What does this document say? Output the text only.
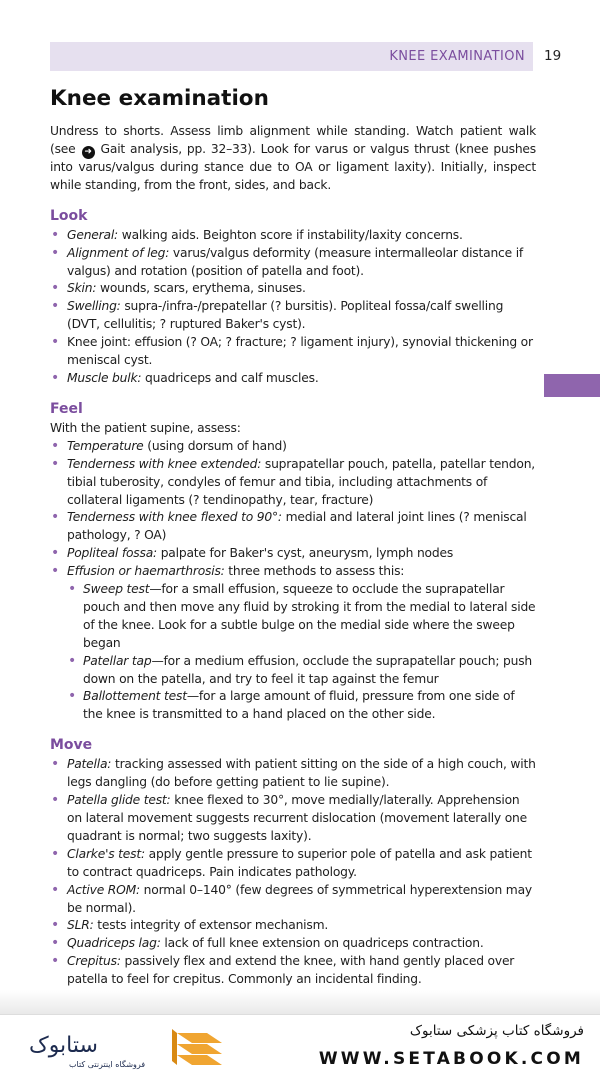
KNEE EXAMINATION 19
Knee examination

Undress to shorts. Assess limb alignment while standing. Watch patient walk (see ➜ Gait analysis, pp. 32–33). Look for varus or valgus thrust (knee pushes into varus/valgus during stance due to OA or ligament laxity). Initially, inspect while standing, from the front, sides, and back.

Look
• General: walking aids. Beighton score if instability/laxity concerns.
• Alignment of leg: varus/valgus deformity (measure intermalleolar distance if valgus) and rotation (position of patella and foot).
• Skin: wounds, scars, erythema, sinuses.
• Swelling: supra-/infra-/prepatellar (? bursitis). Popliteal fossa/calf swelling (DVT, cellulitis; ? ruptured Baker's cyst).
• Knee joint: effusion (? OA; ? fracture; ? ligament injury), synovial thickening or meniscal cyst.
• Muscle bulk: quadriceps and calf muscles.
Feel

With the patient supine, assess:

• Temperature (using dorsum of hand)
• Tenderness with knee extended: suprapatellar pouch, patella, patellar tendon, tibial tuberosity, condyles of femur and tibia, including attachments of collateral ligaments (? tendinopathy, tear, fracture)
• Tenderness with knee flexed to 90°: medial and lateral joint lines (? meniscal pathology, ? OA)
• Popliteal fossa: palpate for Baker's cyst, aneurysm, lymph nodes
• Effusion or haemarthrosis: three methods to assess this:
• Sweep test—for a small effusion, squeeze to occlude the suprapatellar pouch and then move any fluid by stroking it from the medial to lateral side of the knee. Look for a subtle bulge on the medial side where the sweep began
• Patellar tap—for a medium effusion, occlude the suprapatellar pouch; push down on the patella, and try to feel it tap against the femur
• Ballottement test—for a large amount of fluid, pressure from one side of the knee is transmitted to a hand placed on the other side.
Move
• Patella: tracking assessed with patient sitting on the side of a high couch, with legs dangling (do before getting patient to lie supine).
• Patella glide test: knee flexed to 30°, move medially/laterally. Apprehension on lateral movement suggests recurrent dislocation (movement laterally one quadrant is normal; two suggests laxity).
• Clarke's test: apply gentle pressure to superior pole of patella and ask patient to contract quadriceps. Pain indicates pathology.
• Active ROM: normal 0–140° (few degrees of symmetrical hyperextension may be normal).
• SLR: tests integrity of extensor mechanism.
• Quadriceps lag: lack of full knee extension on quadriceps contraction.
• Crepitus: passively flex and extend the knee, with hand gently placed over patella to feel for crepitus. Commonly an incidental finding.
ستابوک
فروشگاه اینترنتی کتاب
فروشگاه کتاب پزشکی ستابوک
WWW.SETABOOK.COM
